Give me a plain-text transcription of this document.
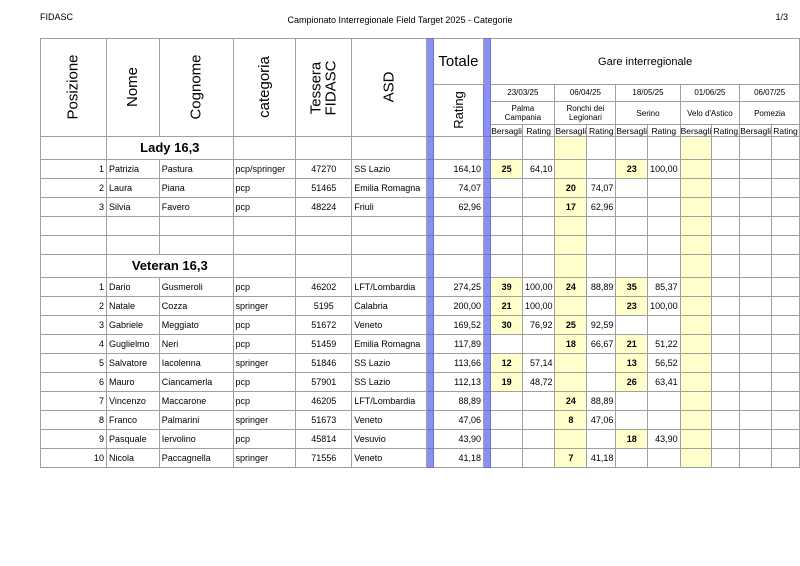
FIDASC	Campionato Interregionale Field Target 2025 - Categorie	1/3
Posizione	Nome	Cognome	categoria	Tessera
FIDASC	ASD		Totale		Gare interregionale									
							Rating		23/03/25		06/04/25		18/05/25		01/06/25		06/07/25	
									Palma Campania		Ronchi dei Legionari		Serino		Velo d'Astico		Pomezia	
									Bersagli	Rating	Bersagli	Rating	Bersagli	Rating	Bersagli	Rating	Bersagli	Rating
	Lady 16,3																	
1	Patrizia	Pastura	pcp/springer	47270	SS Lazio		164,10		25	64,10			23	100,00				
2	Laura	Piana	pcp	51465	Emilia Romagna		74,07				20	74,07						
3	Silvia	Favero	pcp	48224	Friuli		62,96				17	62,96						

	Veteran 16,3																	
1	Dario	Gusmeroli	pcp	46202	LFT/Lombardia		274,25		39	100,00	24	88,89	35	85,37				
2	Natale	Cozza	springer	5195	Calabria		200,00		21	100,00			23	100,00				
3	Gabriele	Meggiato	pcp	51672	Veneto		169,52		30	76,92	25	92,59						
4	Guglielmo	Neri	pcp	51459	Emilia Romagna		117,89				18	66,67	21	51,22				
5	Salvatore	Iacolenna	springer	51846	SS Lazio		113,66		12	57,14			13	56,52				
6	Mauro	Ciancamerla	pcp	57901	SS Lazio		112,13		19	48,72			26	63,41				
7	Vincenzo	Maccarone	pcp	46205	LFT/Lombardia		88,89				24	88,89						
8	Franco	Palmarini	springer	51673	Veneto		47,06				8	47,06						
9	Pasquale	Iervolino	pcp	45814	Vesuvio		43,90						18	43,90				
10	Nicola	Paccagnella	springer	71556	Veneto		41,18				7	41,18						
